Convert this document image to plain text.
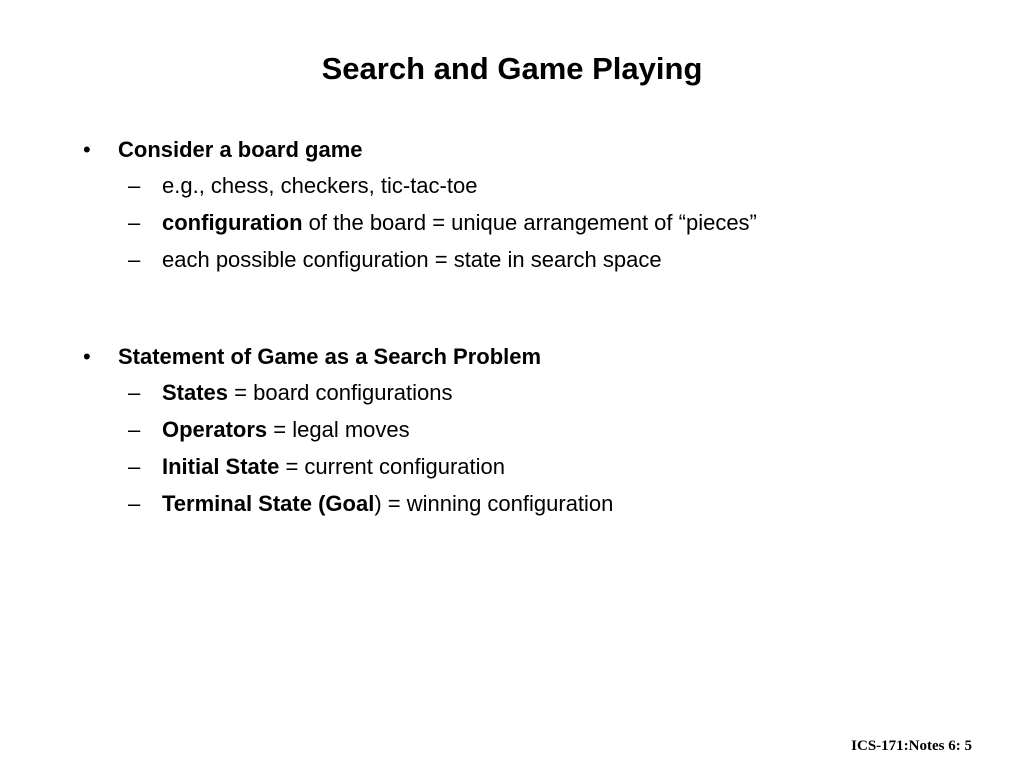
Search and Game Playing
• Consider a board game
– e.g., chess, checkers, tic-tac-toe
– configuration of the board = unique arrangement of “pieces”
– each possible configuration = state in search space
• Statement of Game as a Search Problem
– States = board configurations
– Operators = legal moves
– Initial State = current configuration
– Terminal State (Goal) = winning configuration
ICS-171:Notes 6: 5
